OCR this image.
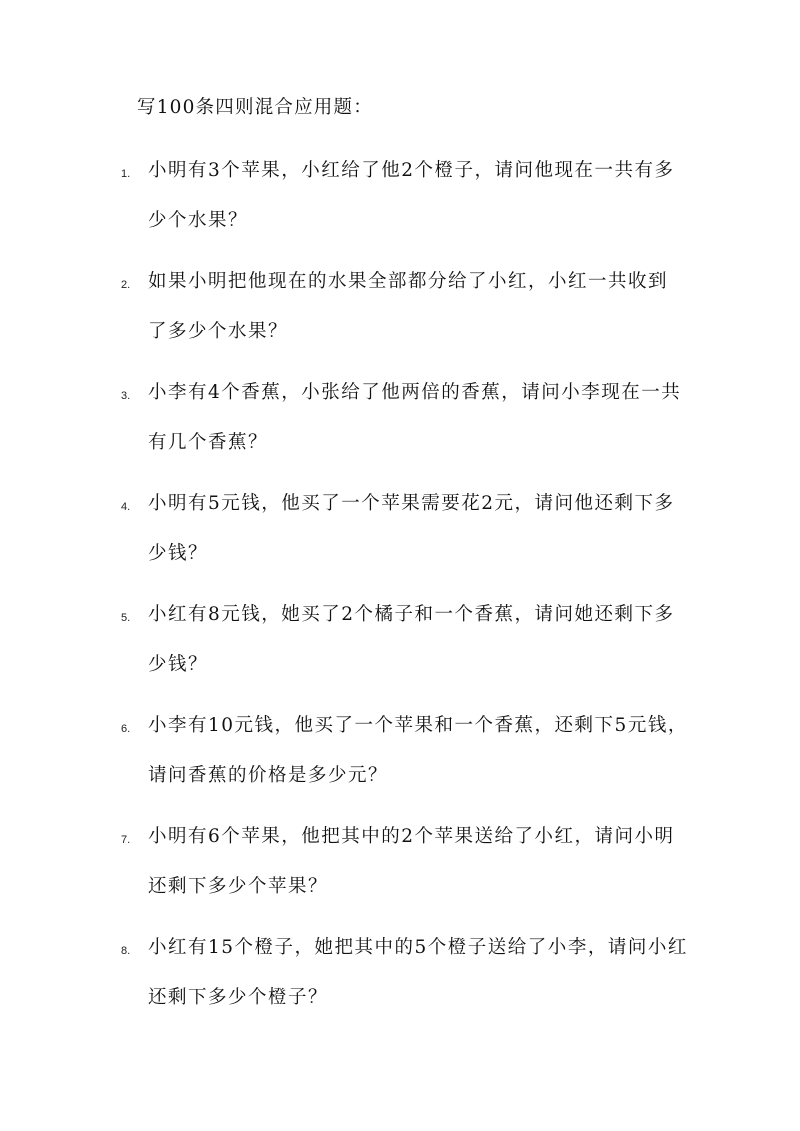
写100条四则混合应用题：
1. 小明有3个苹果，小红给了他2个橙子，请问他现在一共有多
少个水果？
2. 如果小明把他现在的水果全部都分给了小红，小红一共收到
了多少个水果？
3. 小李有4个香蕉，小张给了他两倍的香蕉，请问小李现在一共
有几个香蕉？
4. 小明有5元钱，他买了一个苹果需要花2元，请问他还剩下多
少钱？
5. 小红有8元钱，她买了2个橘子和一个香蕉，请问她还剩下多
少钱？
6. 小李有10元钱，他买了一个苹果和一个香蕉，还剩下5元钱，
请问香蕉的价格是多少元？
7. 小明有6个苹果，他把其中的2个苹果送给了小红，请问小明
还剩下多少个苹果？
8. 小红有15个橙子，她把其中的5个橙子送给了小李，请问小红
还剩下多少个橙子？
